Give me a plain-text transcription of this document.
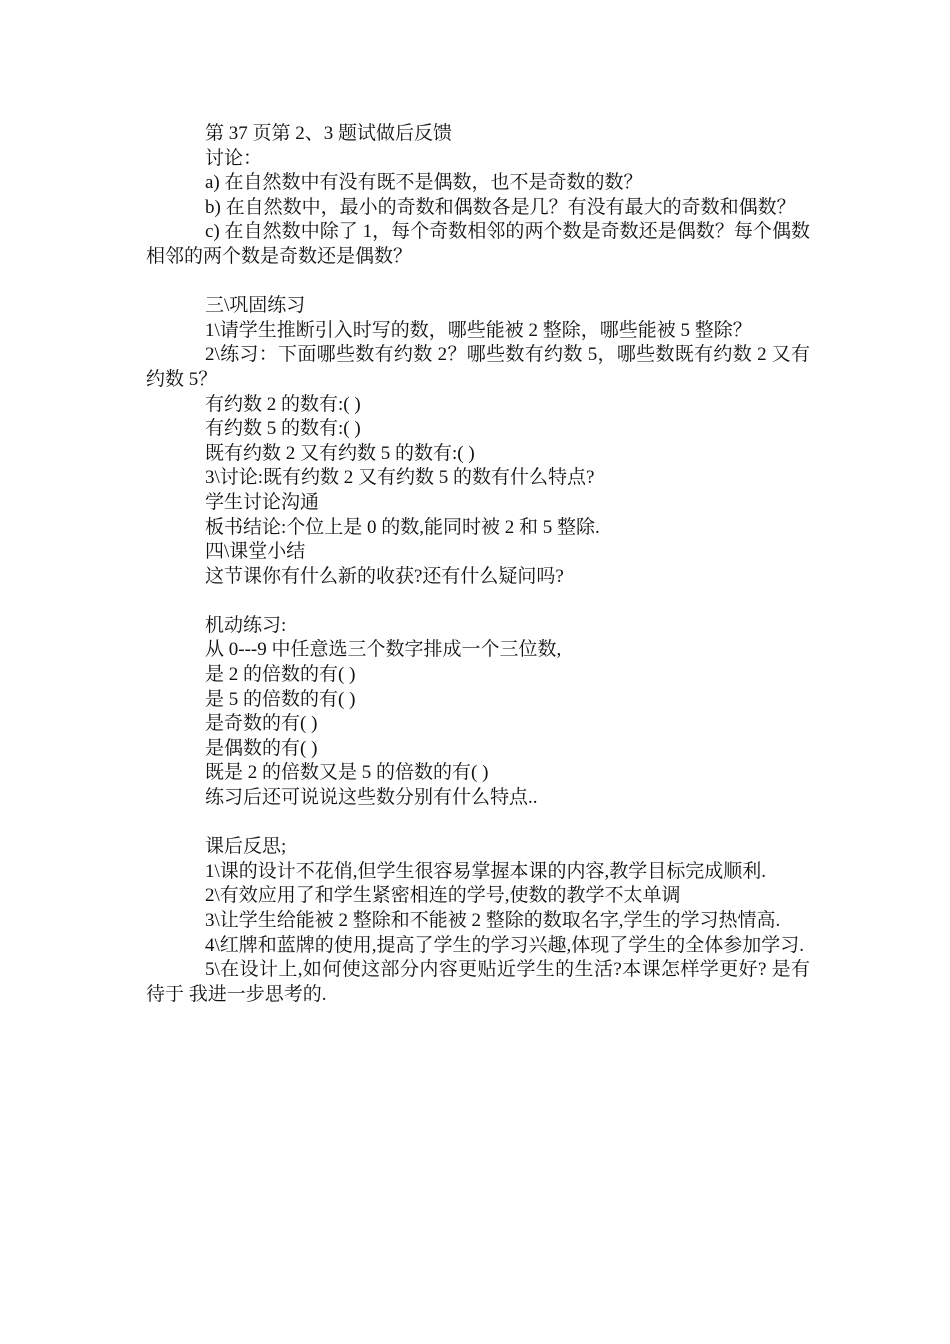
第 37 页第 2、3 题试做后反馈

讨论：

a) 在自然数中有没有既不是偶数，也不是奇数的数？

b) 在自然数中，最小的奇数和偶数各是几？有没有最大的奇数和偶数？

c) 在自然数中除了 1，每个奇数相邻的两个数是奇数还是偶数？每个偶数相邻的两个数是奇数还是偶数？

三\巩固练习

1\请学生推断引入时写的数，哪些能被 2 整除，哪些能被 5 整除？

2\练习：下面哪些数有约数 2？哪些数有约数 5，哪些数既有约数 2 又有约数 5？

有约数 2 的数有:( )

有约数 5 的数有:( )

既有约数 2 又有约数 5 的数有:( )

3\讨论:既有约数 2 又有约数 5 的数有什么特点?

学生讨论沟通

板书结论:个位上是 0 的数,能同时被 2 和 5 整除.

四\课堂小结

这节课你有什么新的收获?还有什么疑问吗?

机动练习:

从 0---9 中任意选三个数字排成一个三位数,

是 2 的倍数的有( )

是 5 的倍数的有( )

是奇数的有( )

是偶数的有( )

既是 2 的倍数又是 5 的倍数的有( )

练习后还可说说这些数分别有什么特点..

课后反思;

1\课的设计不花俏,但学生很容易掌握本课的内容,教学目标完成顺利.

2\有效应用了和学生紧密相连的学号,使数的教学不太单调

3\让学生给能被 2 整除和不能被 2 整除的数取名字,学生的学习热情高.

4\红牌和蓝牌的使用,提高了学生的学习兴趣,体现了学生的全体参加学习.

5\在设计上,如何使这部分内容更贴近学生的生活?本课怎样学更好? 是有待于 我进一步思考的.
